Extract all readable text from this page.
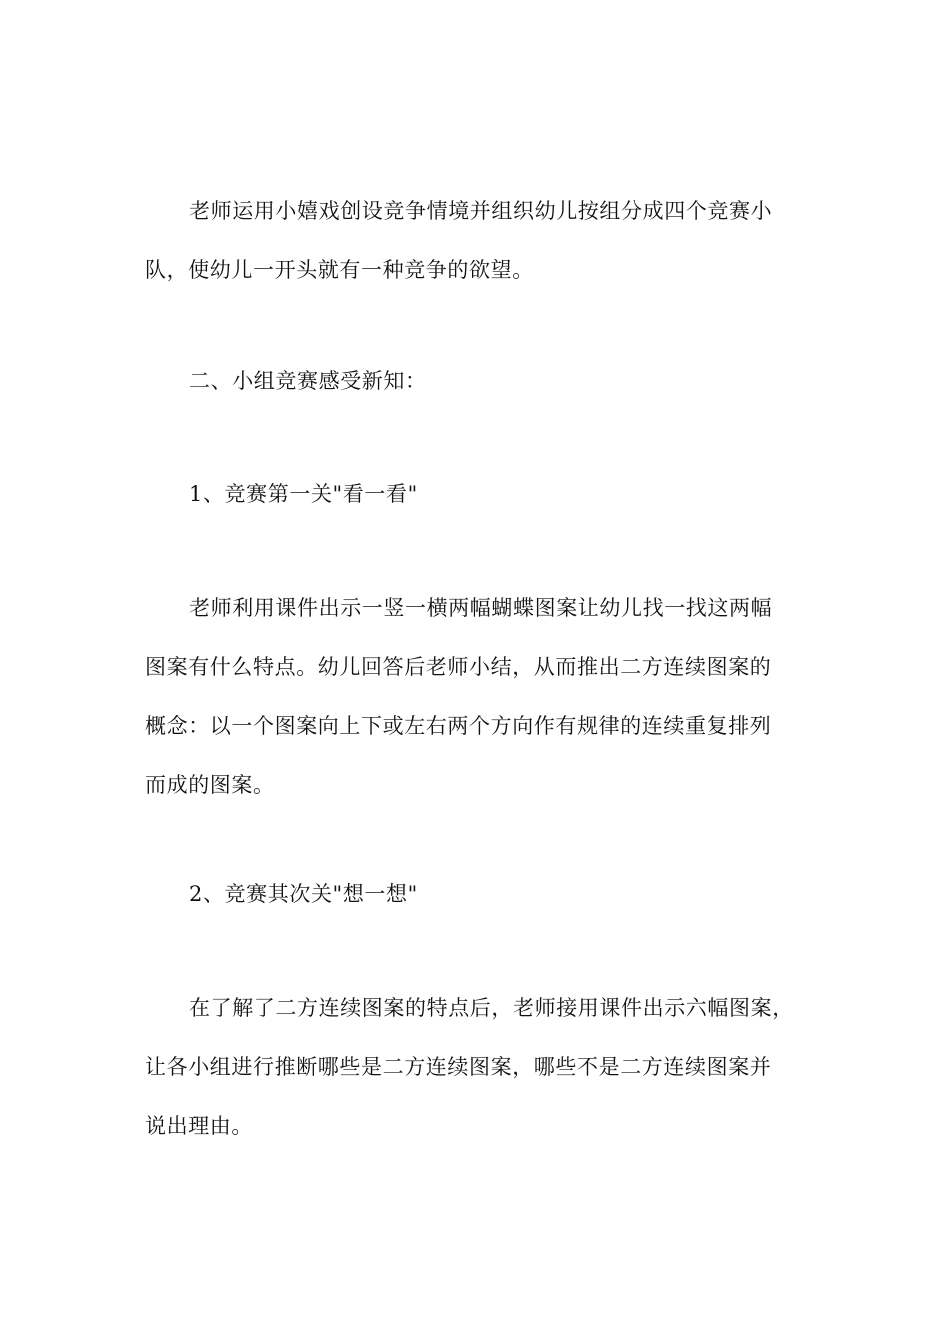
老师运用小嬉戏创设竞争情境并组织幼儿按组分成四个竞赛小
队，使幼儿一开头就有一种竞争的欲望。

二、小组竞赛感受新知：

1、竞赛第一关"看一看"

老师利用课件出示一竖一横两幅蝴蝶图案让幼儿找一找这两幅
图案有什么特点。幼儿回答后老师小结，从而推出二方连续图案的
概念：以一个图案向上下或左右两个方向作有规律的连续重复排列
而成的图案。

2、竞赛其次关"想一想"

在了解了二方连续图案的特点后，老师接用课件出示六幅图案，
让各小组进行推断哪些是二方连续图案，哪些不是二方连续图案并
说出理由。
